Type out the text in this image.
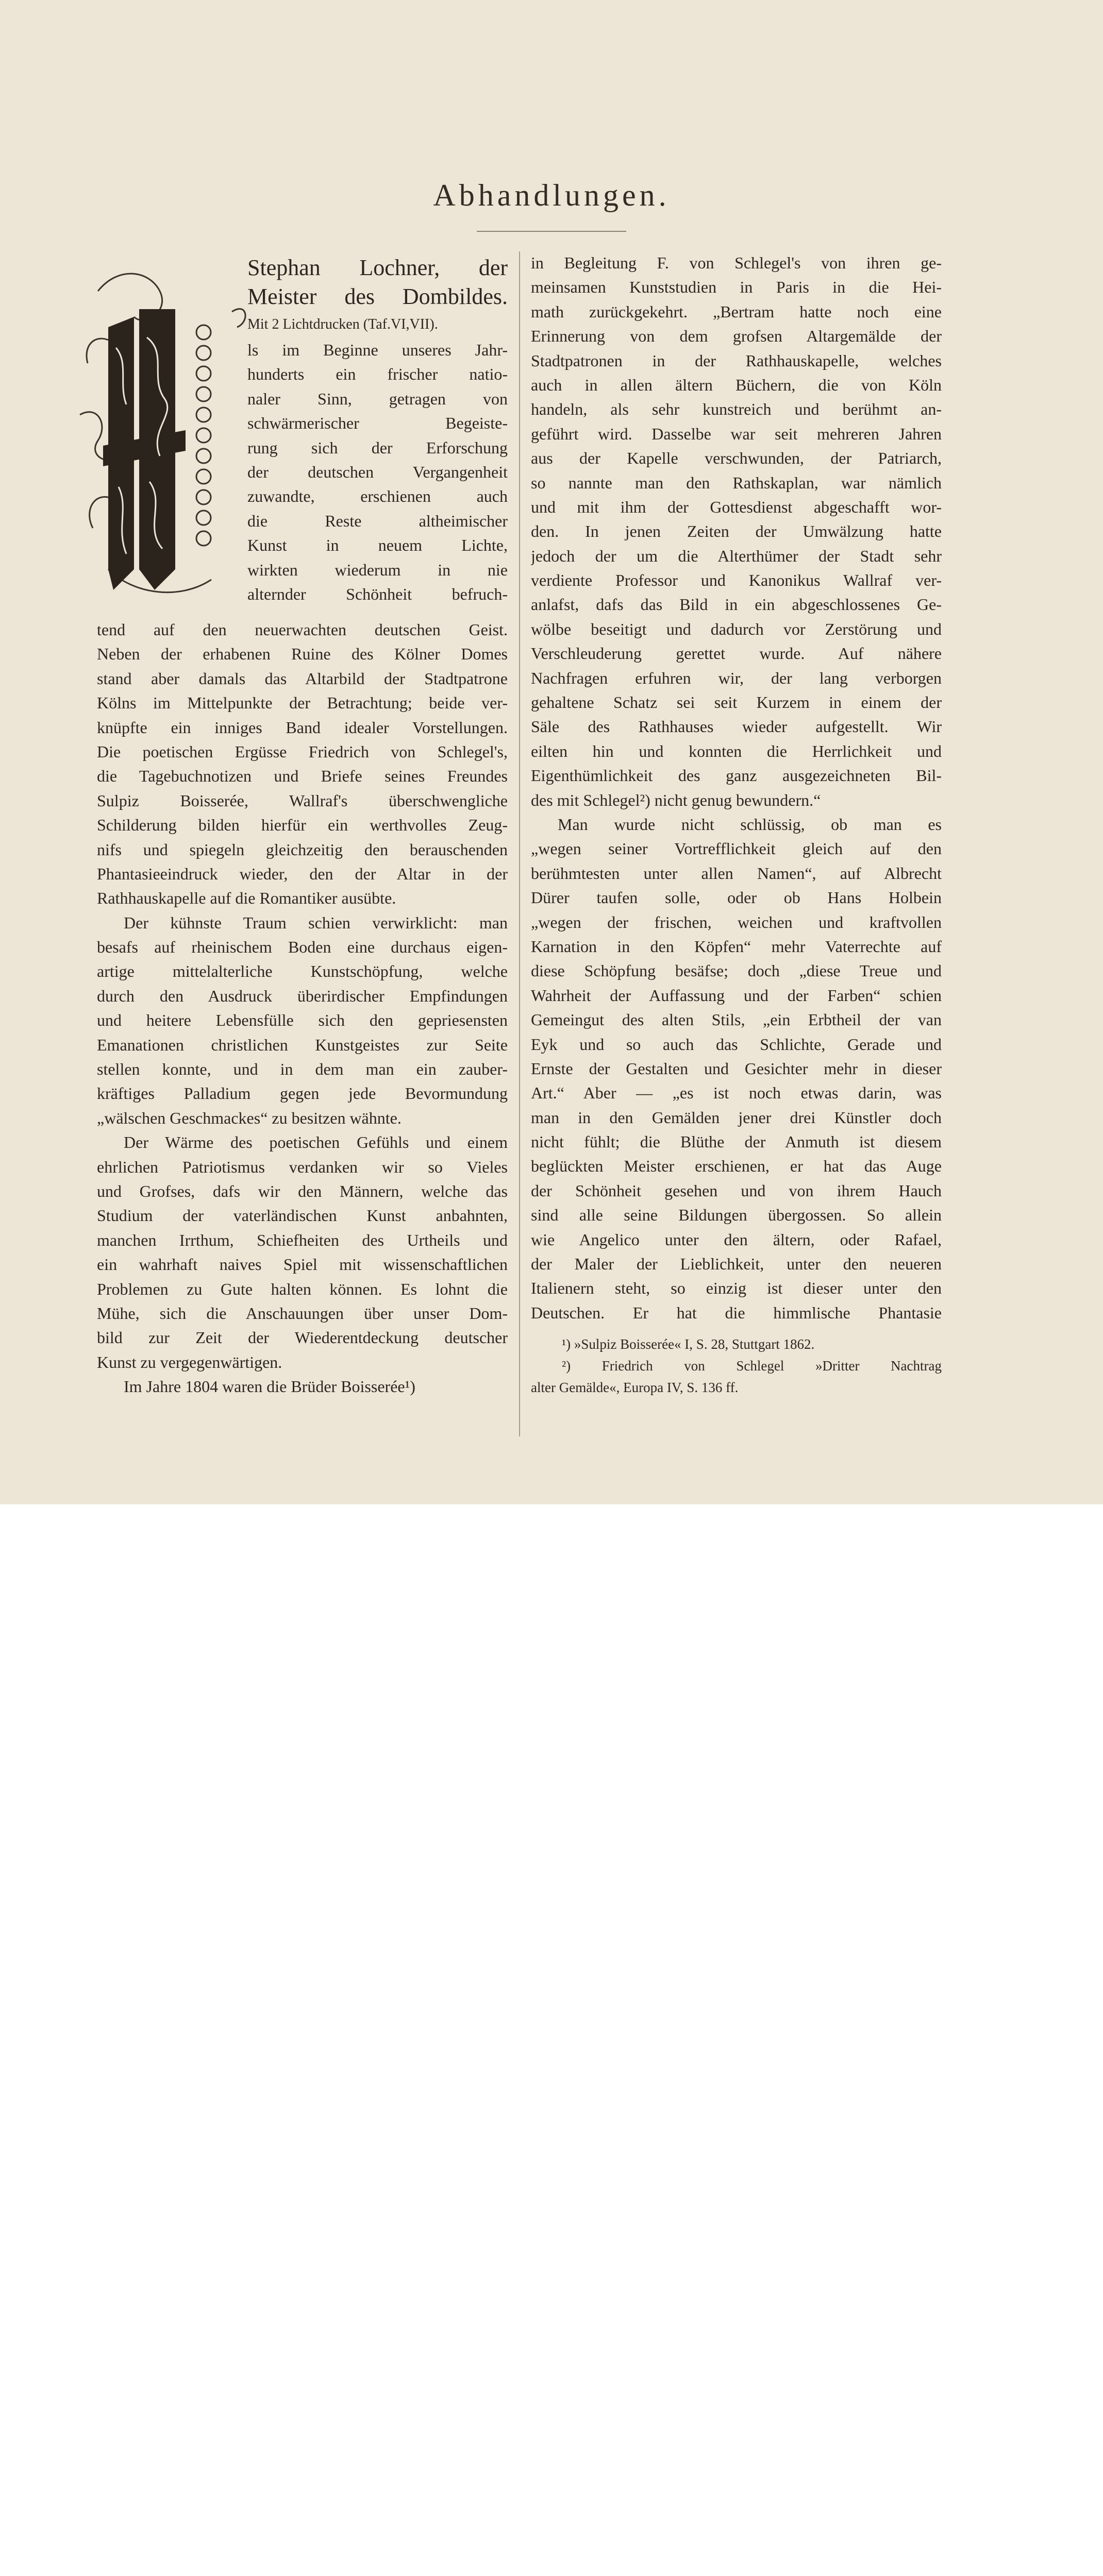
Abhandlungen.
Stephan Lochner, der
Meister des Dombildes.
Mit 2 Lichtdrucken (Taf.VI,VII).
ls im Beginne unseres Jahr-
hunderts ein frischer natio-
naler Sinn, getragen von
schwärmerischer Begeiste-
rung sich der Erforschung
der deutschen Vergangenheit
zuwandte, erschienen auch
die Reste altheimischer
Kunst in neuem Lichte,
wirkten wiederum in nie
alternder Schönheit befruch-
tend auf den neuerwachten deutschen Geist.
Neben der erhabenen Ruine des Kölner Domes
stand aber damals das Altarbild der Stadtpatrone
Kölns im Mittelpunkte der Betrachtung; beide ver-
knüpfte ein inniges Band idealer Vorstellungen.
Die poetischen Ergüsse Friedrich von Schlegel's,
die Tagebuchnotizen und Briefe seines Freundes
Sulpiz Boisserée, Wallraf's überschwengliche
Schilderung bilden hierfür ein werthvolles Zeug-
nifs und spiegeln gleichzeitig den berauschenden
Phantasieeindruck wieder, den der Altar in der
Rathhauskapelle auf die Romantiker ausübte.
Der kühnste Traum schien verwirklicht: man
besafs auf rheinischem Boden eine durchaus eigen-
artige mittelalterliche Kunstschöpfung, welche
durch den Ausdruck überirdischer Empfindungen
und heitere Lebensfülle sich den gepriesensten
Emanationen christlichen Kunstgeistes zur Seite
stellen konnte, und in dem man ein zauber-
kräftiges Palladium gegen jede Bevormundung
„wälschen Geschmackes“ zu besitzen wähnte.
Der Wärme des poetischen Gefühls und einem
ehrlichen Patriotismus verdanken wir so Vieles
und Grofses, dafs wir den Männern, welche das
Studium der vaterländischen Kunst anbahnten,
manchen Irrthum, Schiefheiten des Urtheils und
ein wahrhaft naives Spiel mit wissenschaftlichen
Problemen zu Gute halten können. Es lohnt die
Mühe, sich die Anschauungen über unser Dom-
bild zur Zeit der Wiederentdeckung deutscher
Kunst zu vergegenwärtigen.
Im Jahre 1804 waren die Brüder Boisserée¹)
in Begleitung F. von Schlegel's von ihren ge-
meinsamen Kunststudien in Paris in die Hei-
math zurückgekehrt. „Bertram hatte noch eine
Erinnerung von dem grofsen Altargemälde der
Stadtpatronen in der Rathhauskapelle, welches
auch in allen ältern Büchern, die von Köln
handeln, als sehr kunstreich und berühmt an-
geführt wird. Dasselbe war seit mehreren Jahren
aus der Kapelle verschwunden, der Patriarch,
so nannte man den Rathskaplan, war nämlich
und mit ihm der Gottesdienst abgeschafft wor-
den. In jenen Zeiten der Umwälzung hatte
jedoch der um die Alterthümer der Stadt sehr
verdiente Professor und Kanonikus Wallraf ver-
anlafst, dafs das Bild in ein abgeschlossenes Ge-
wölbe beseitigt und dadurch vor Zerstörung und
Verschleuderung gerettet wurde. Auf nähere
Nachfragen erfuhren wir, der lang verborgen
gehaltene Schatz sei seit Kurzem in einem der
Säle des Rathhauses wieder aufgestellt. Wir
eilten hin und konnten die Herrlichkeit und
Eigenthümlichkeit des ganz ausgezeichneten Bil-
des mit Schlegel²) nicht genug bewundern.“
Man wurde nicht schlüssig, ob man es
„wegen seiner Vortrefflichkeit gleich auf den
berühmtesten unter allen Namen“, auf Albrecht
Dürer taufen solle, oder ob Hans Holbein
„wegen der frischen, weichen und kraftvollen
Karnation in den Köpfen“ mehr Vaterrechte auf
diese Schöpfung besäfse; doch „diese Treue und
Wahrheit der Auffassung und der Farben“ schien
Gemeingut des alten Stils, „ein Erbtheil der van
Eyk und so auch das Schlichte, Gerade und
Ernste der Gestalten und Gesichter mehr in dieser
Art.“ Aber — „es ist noch etwas darin, was
man in den Gemälden jener drei Künstler doch
nicht fühlt; die Blüthe der Anmuth ist diesem
beglückten Meister erschienen, er hat das Auge
der Schönheit gesehen und von ihrem Hauch
sind alle seine Bildungen übergossen. So allein
wie Angelico unter den ältern, oder Rafael,
der Maler der Lieblichkeit, unter den neueren
Italienern steht, so einzig ist dieser unter den
Deutschen. Er hat die himmlische Phantasie
¹) »Sulpiz Boisserée« I, S. 28, Stuttgart 1862.
²) Friedrich von Schlegel »Dritter Nachtrag
alter Gemälde«, Europa IV, S. 136 ff.
